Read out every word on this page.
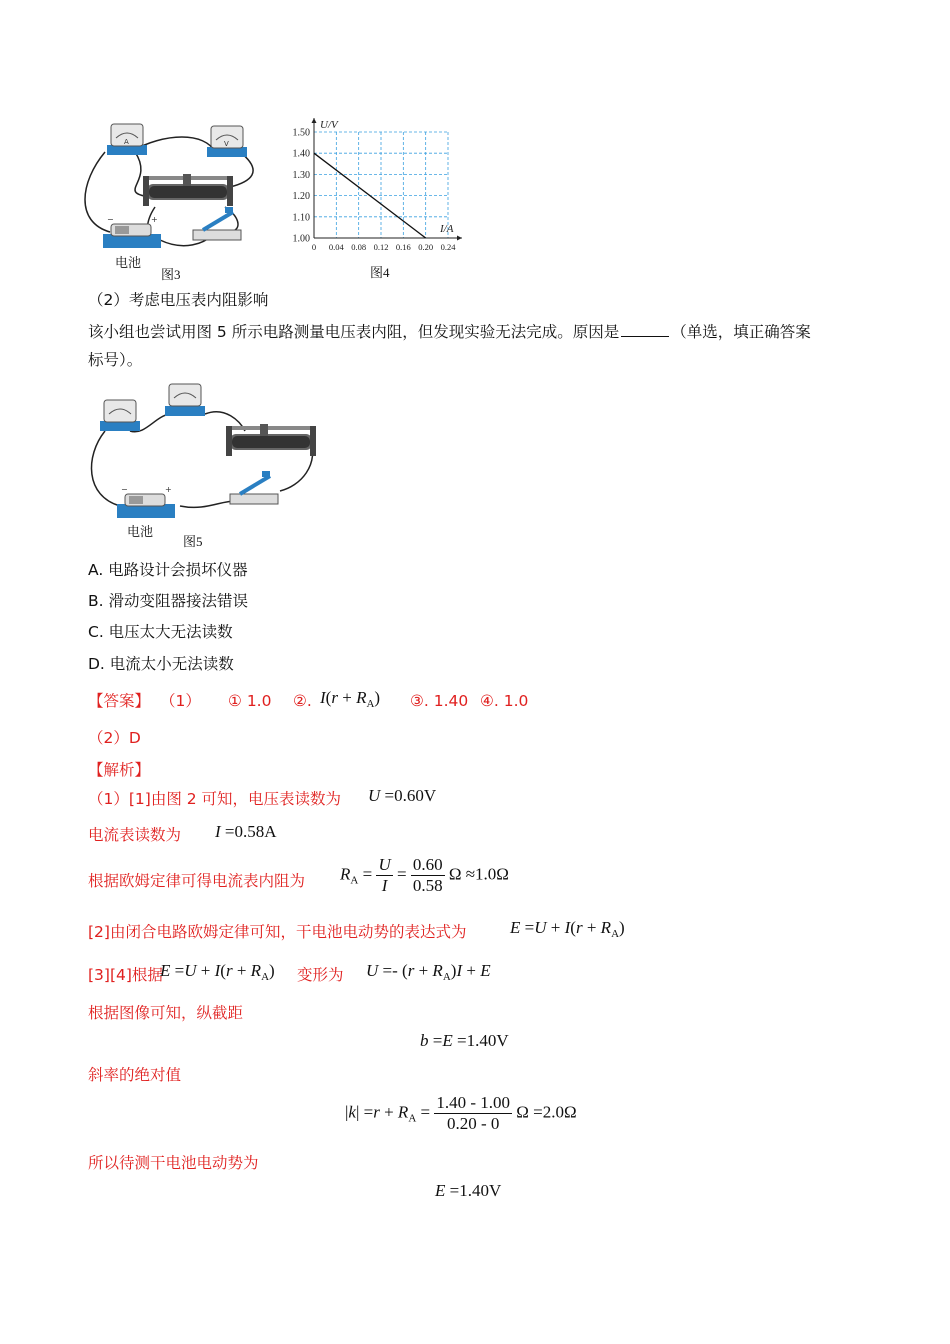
A	V
−	+
电池
图3
1.50
1.40
1.30
1.20
1.10
1.00
0 0.04 0.08 0.12 0.16 0.20 0.24
U/V
I/A
图4
（2）考虑电压表内阻影响
该小组也尝试用图 5 所示电路测量电压表内阻，但发现实验无法完成。原因是	（单选，填正确答案
标号）。
−	+
电池
图5
A. 电路设计会损坏仪器
B. 滑动变阻器接法错误
C. 电压太大无法读数
D. 电流太小无法读数
【答案】 （1） ① 1.0 ②. $I(r + R_A)$ ③. 1.40 ④. 1.0
（2）D
【解析】
（1）[1]由图 2 可知，电压表读数为 U =0.60V
电流表读数为 I =0.58A
根据欧姆定律可得电流表内阻为 $R_A = \frac{U}{I} = \frac{0.60}{0.58}$ Ω ≈1.0Ω
[2]由闭合电路欧姆定律可知，干电池电动势的表达式为	$E =U + I(r + R_A)$
[3][4]根据
$E =U + I(r + R_A)$ 变形为 $U =- (r + R_A)I + E$
根据图像可知，纵截距
b =E =1.40V
斜率的绝对值
$|k| =r + R_A = \frac{1.40 - 1.00}{0.20 - 0}$ Ω =2.0Ω
所以待测干电池电动势为
E =1.40V
